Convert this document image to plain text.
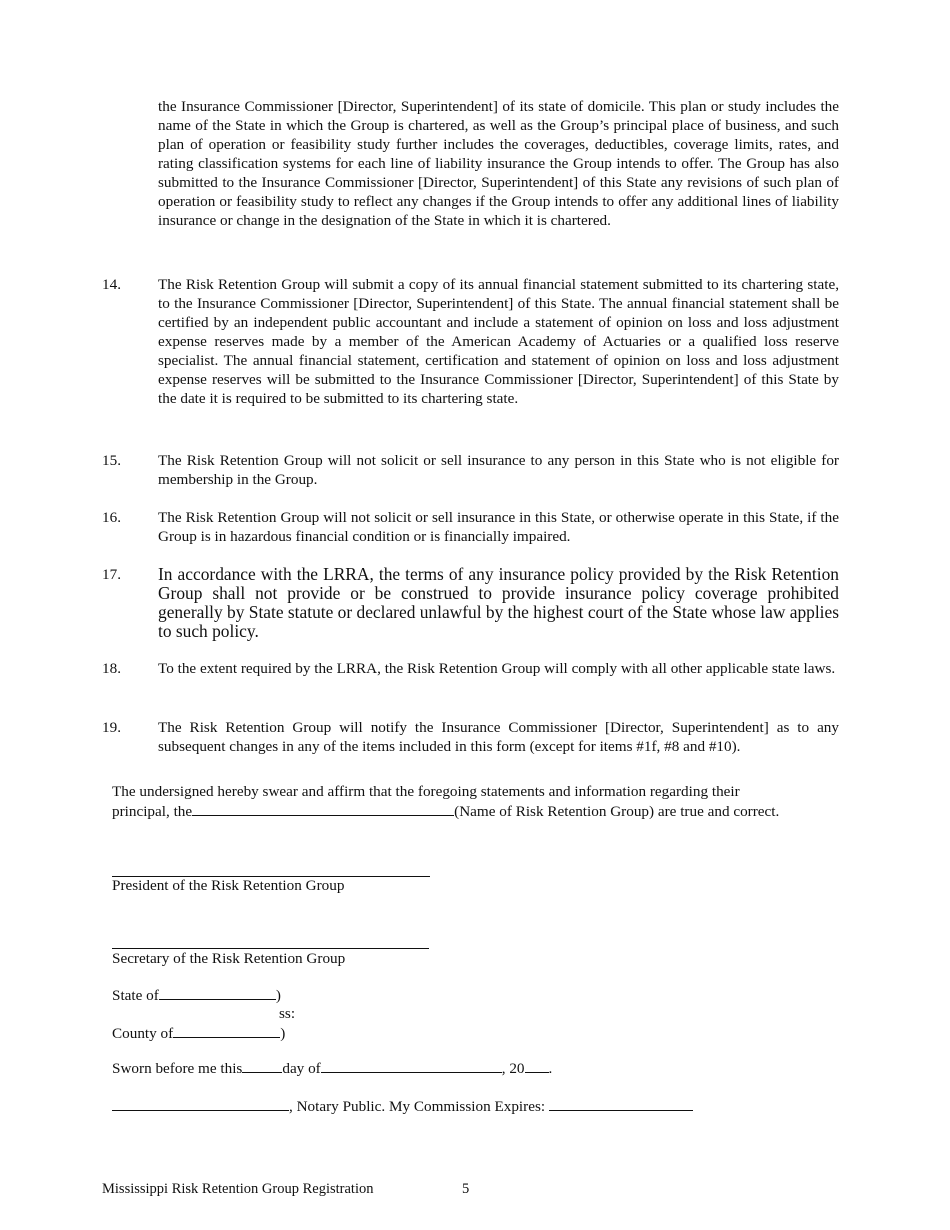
the Insurance Commissioner [Director, Superintendent] of its state of domicile. This plan or study includes the name of the State in which the Group is chartered, as well as the Group’s principal place of business, and such plan of operation or feasibility study further includes the coverages, deductibles, coverage limits, rates, and rating classification systems for each line of liability insurance the Group intends to offer. The Group has also submitted to the Insurance Commissioner [Director, Superintendent] of this State any revisions of such plan of operation or feasibility study to reflect any changes if the Group intends to offer any additional lines of liability insurance or change in the designation of the State in which it is chartered.

14. The Risk Retention Group will submit a copy of its annual financial statement submitted to its chartering state, to the Insurance Commissioner [Director, Superintendent] of this State. The annual financial statement shall be certified by an independent public accountant and include a statement of opinion on loss and loss adjustment expense reserves made by a member of the American Academy of Actuaries or a qualified loss reserve specialist. The annual financial statement, certification and statement of opinion on loss and loss adjustment expense reserves will be submitted to the Insurance Commissioner [Director, Superintendent] of this State by the date it is required to be submitted to its chartering state.
15. The Risk Retention Group will not solicit or sell insurance to any person in this State who is not eligible for membership in the Group.
16. The Risk Retention Group will not solicit or sell insurance in this State, or otherwise operate in this State, if the Group is in hazardous financial condition or is financially impaired.
17. In accordance with the LRRA, the terms of any insurance policy provided by the Risk Retention Group shall not provide or be construed to provide insurance policy coverage prohibited generally by State statute or declared unlawful by the highest court of the State whose law applies to such policy.
18. To the extent required by the LRRA, the Risk Retention Group will comply with all other applicable state laws.
19. The Risk Retention Group will notify the Insurance Commissioner [Director, Superintendent] as to any subsequent changes in any of the items included in this form (except for items #1f, #8 and #10).
The undersigned hereby swear and affirm that the foregoing statements and information regarding their
principal, the	(Name of Risk Retention Group) are true and correct.
President of the Risk Retention Group
Secretary of the Risk Retention Group
State of	)
ss:
County of	)
Sworn before me this	day of	, 20 .
, Notary Public. My Commission Expires:
Mississippi Risk Retention Group Registration	5
